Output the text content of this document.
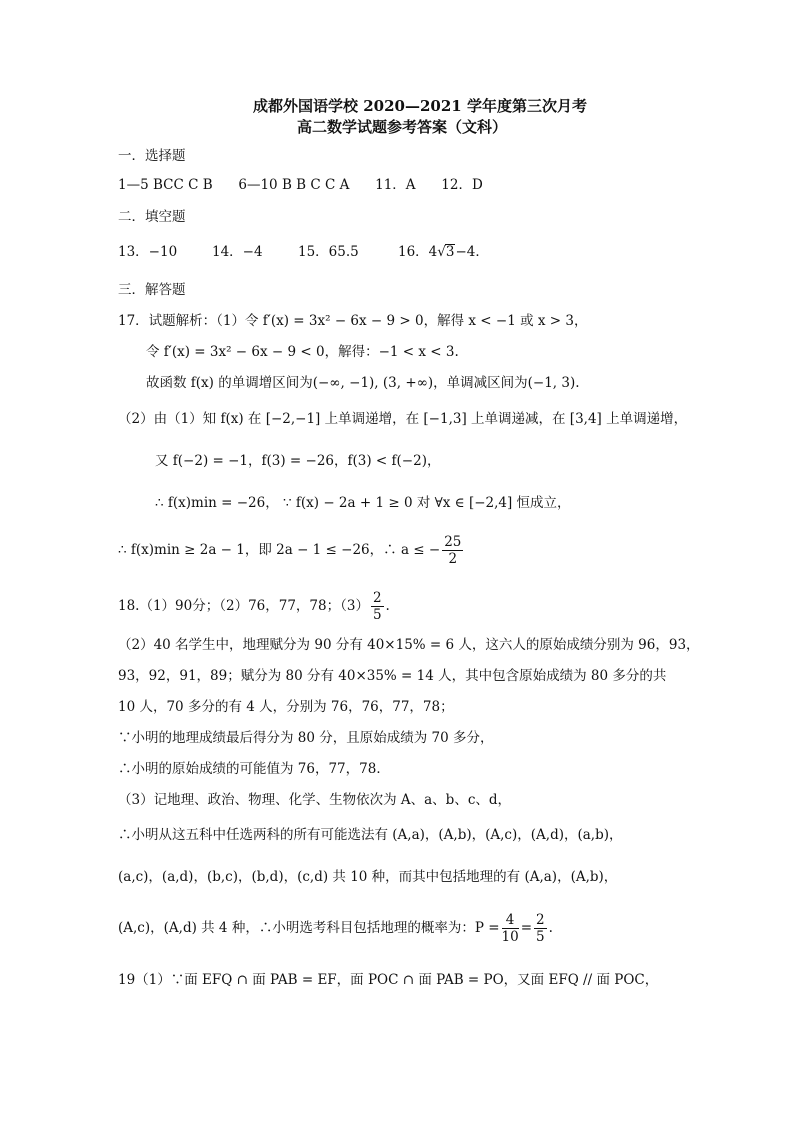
成都外国语学校 2020—2021 学年度第三次月考
高二数学试题参考答案（文科）
一．选择题
1—5 BCC C B      6—10 B B C C A      11．A      12．D
二．填空题
13．−10	14．−4	15．65.5	16．4√3−4．
三．解答题
17．试题解析：（1）令 f′(x) = 3x² − 6x − 9 > 0，解得 x < −1 或 x > 3，
令 f′(x) = 3x² − 6x − 9 < 0，解得：−1 < x < 3.
故函数 f(x) 的单调增区间为(−∞, −1), (3, +∞)，单调减区间为(−1, 3).
（2）由（1）知 f(x) 在 [−2,−1] 上单调递增，在 [−1,3] 上单调递减，在 [3,4] 上单调递增，
又 f(−2) = −1，f(3) = −26，f(3) < f(−2)，
∴ f(x)min = −26， ∵ f(x) − 2a + 1 ≥ 0 对 ∀x ∈ [−2,4] 恒成立，
∴ f(x)min ≥ 2a − 1，即 2a − 1 ≤ −26，∴ a ≤ − $\frac{25}{2}$
18.（1）90分；（2）76，77，78；$(3) \frac{2}{5}$ .
（2）40 名学生中，地理赋分为 90 分有 40×15% = 6 人，这六人的原始成绩分别为 96，93，
93，92，91，89；赋分为 80 分有 40×35% = 14 人，其中包含原始成绩为 80 多分的共
10 人，70 多分的有 4 人，分别为 76，76，77，78；
∵小明的地理成绩最后得分为 80 分，且原始成绩为 70 多分，
∴小明的原始成绩的可能值为 76，77，78．
（3）记地理、政治、物理、化学、生物依次为 A、a、b、c、d，
∴小明从这五科中任选两科的所有可能选法有 (A,a)，(A,b)，(A,c)，(A,d)，(a,b)，
(a,c)，(a,d)，(b,c)，(b,d)，(c,d) 共 10 种，而其中包括地理的有 (A,a)，(A,b)，
(A,c)，(A,d) 共 4 种，∴小明选考科目包括地理的概率为：$P = \frac{4}{10} = \frac{2}{5}$ .
19（1）∵面 EFQ ∩ 面 PAB = EF，面 POC ∩ 面 PAB = PO，又面 EFQ // 面 POC，
